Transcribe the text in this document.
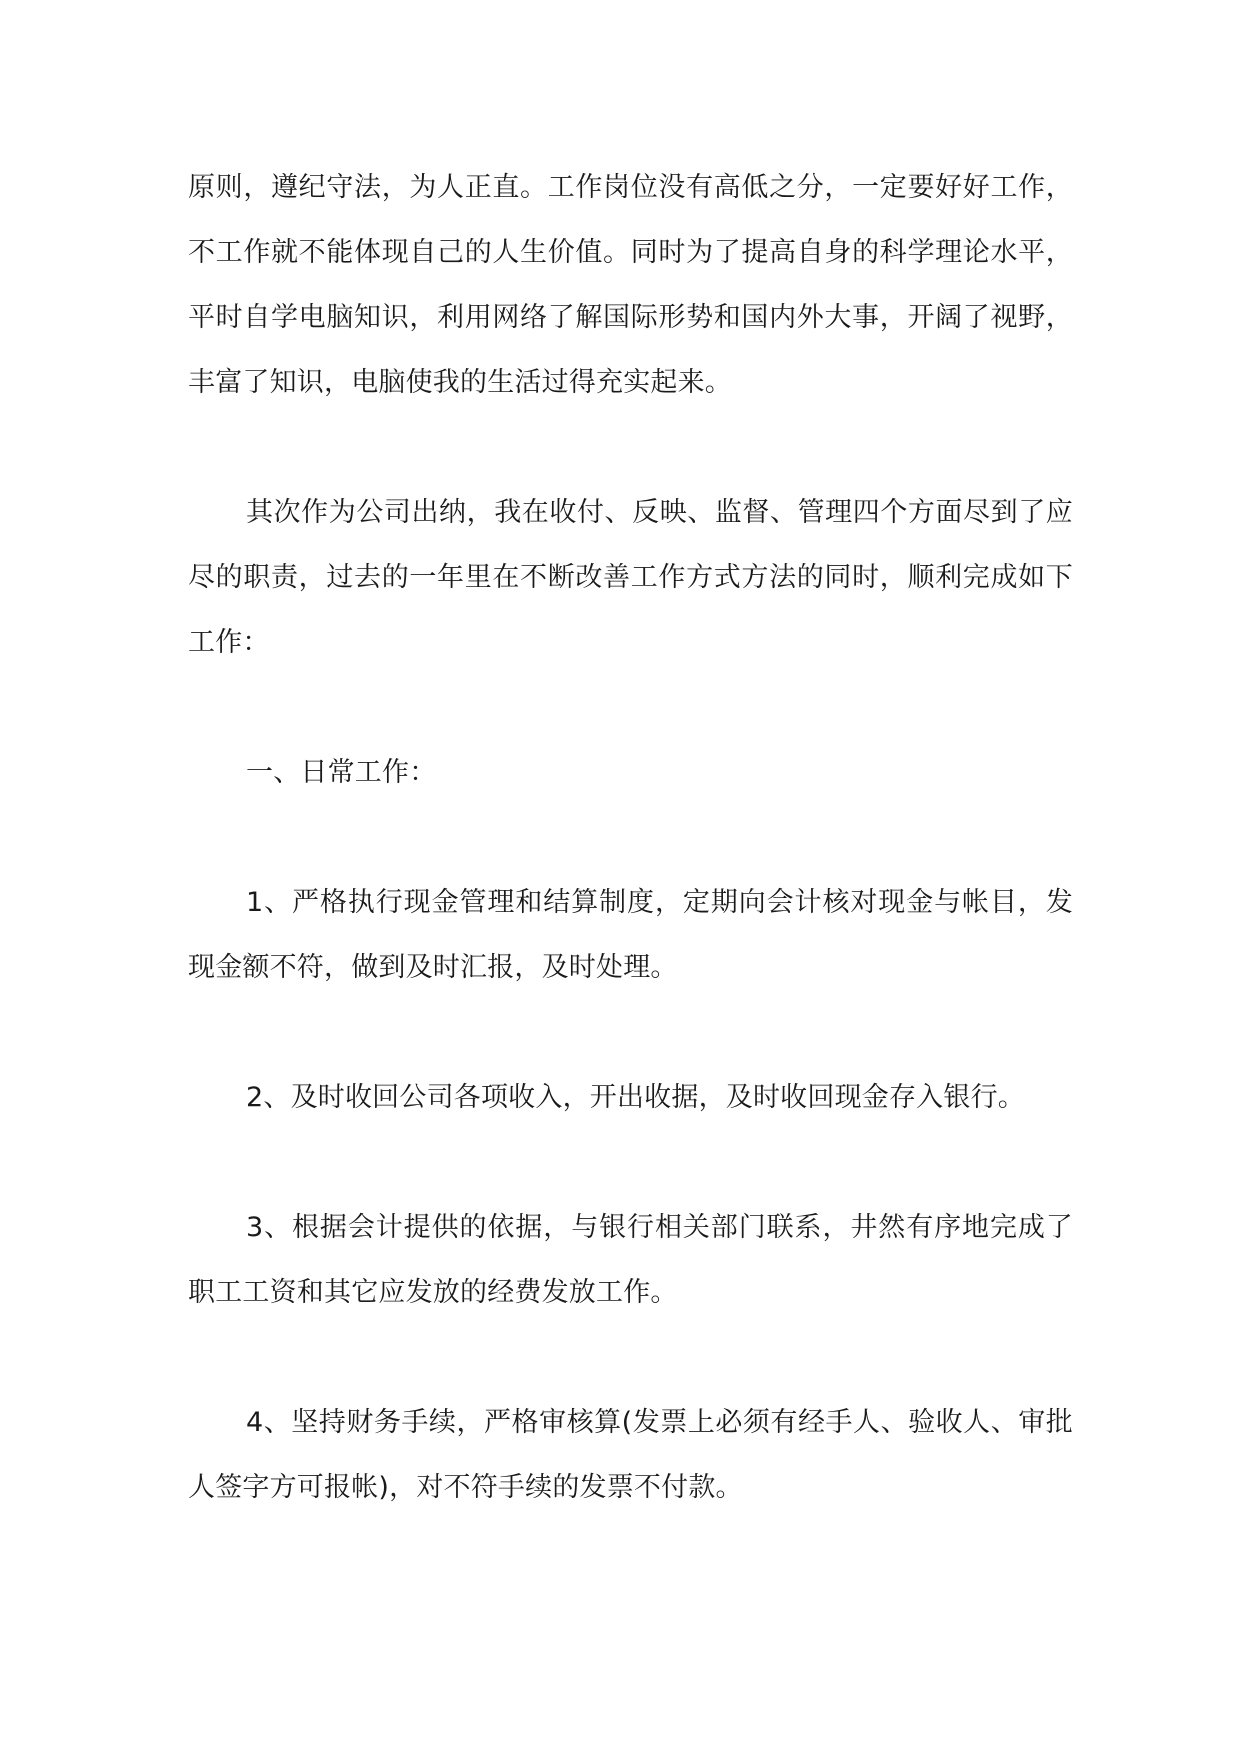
原则，遵纪守法，为人正直。工作岗位没有高低之分，一定要好好工作，不工作就不能体现自己的人生价值。同时为了提高自身的科学理论水平，平时自学电脑知识，利用网络了解国际形势和国内外大事，开阔了视野，丰富了知识，电脑使我的生活过得充实起来。

其次作为公司出纳，我在收付、反映、监督、管理四个方面尽到了应尽的职责，过去的一年里在不断改善工作方式方法的同时，顺利完成如下工作：

一、日常工作：

1、严格执行现金管理和结算制度，定期向会计核对现金与帐目，发现金额不符，做到及时汇报，及时处理。

2、及时收回公司各项收入，开出收据，及时收回现金存入银行。

3、根据会计提供的依据，与银行相关部门联系，井然有序地完成了职工工资和其它应发放的经费发放工作。

4、坚持财务手续，严格审核算(发票上必须有经手人、验收人、审批人签字方可报帐)，对不符手续的发票不付款。
